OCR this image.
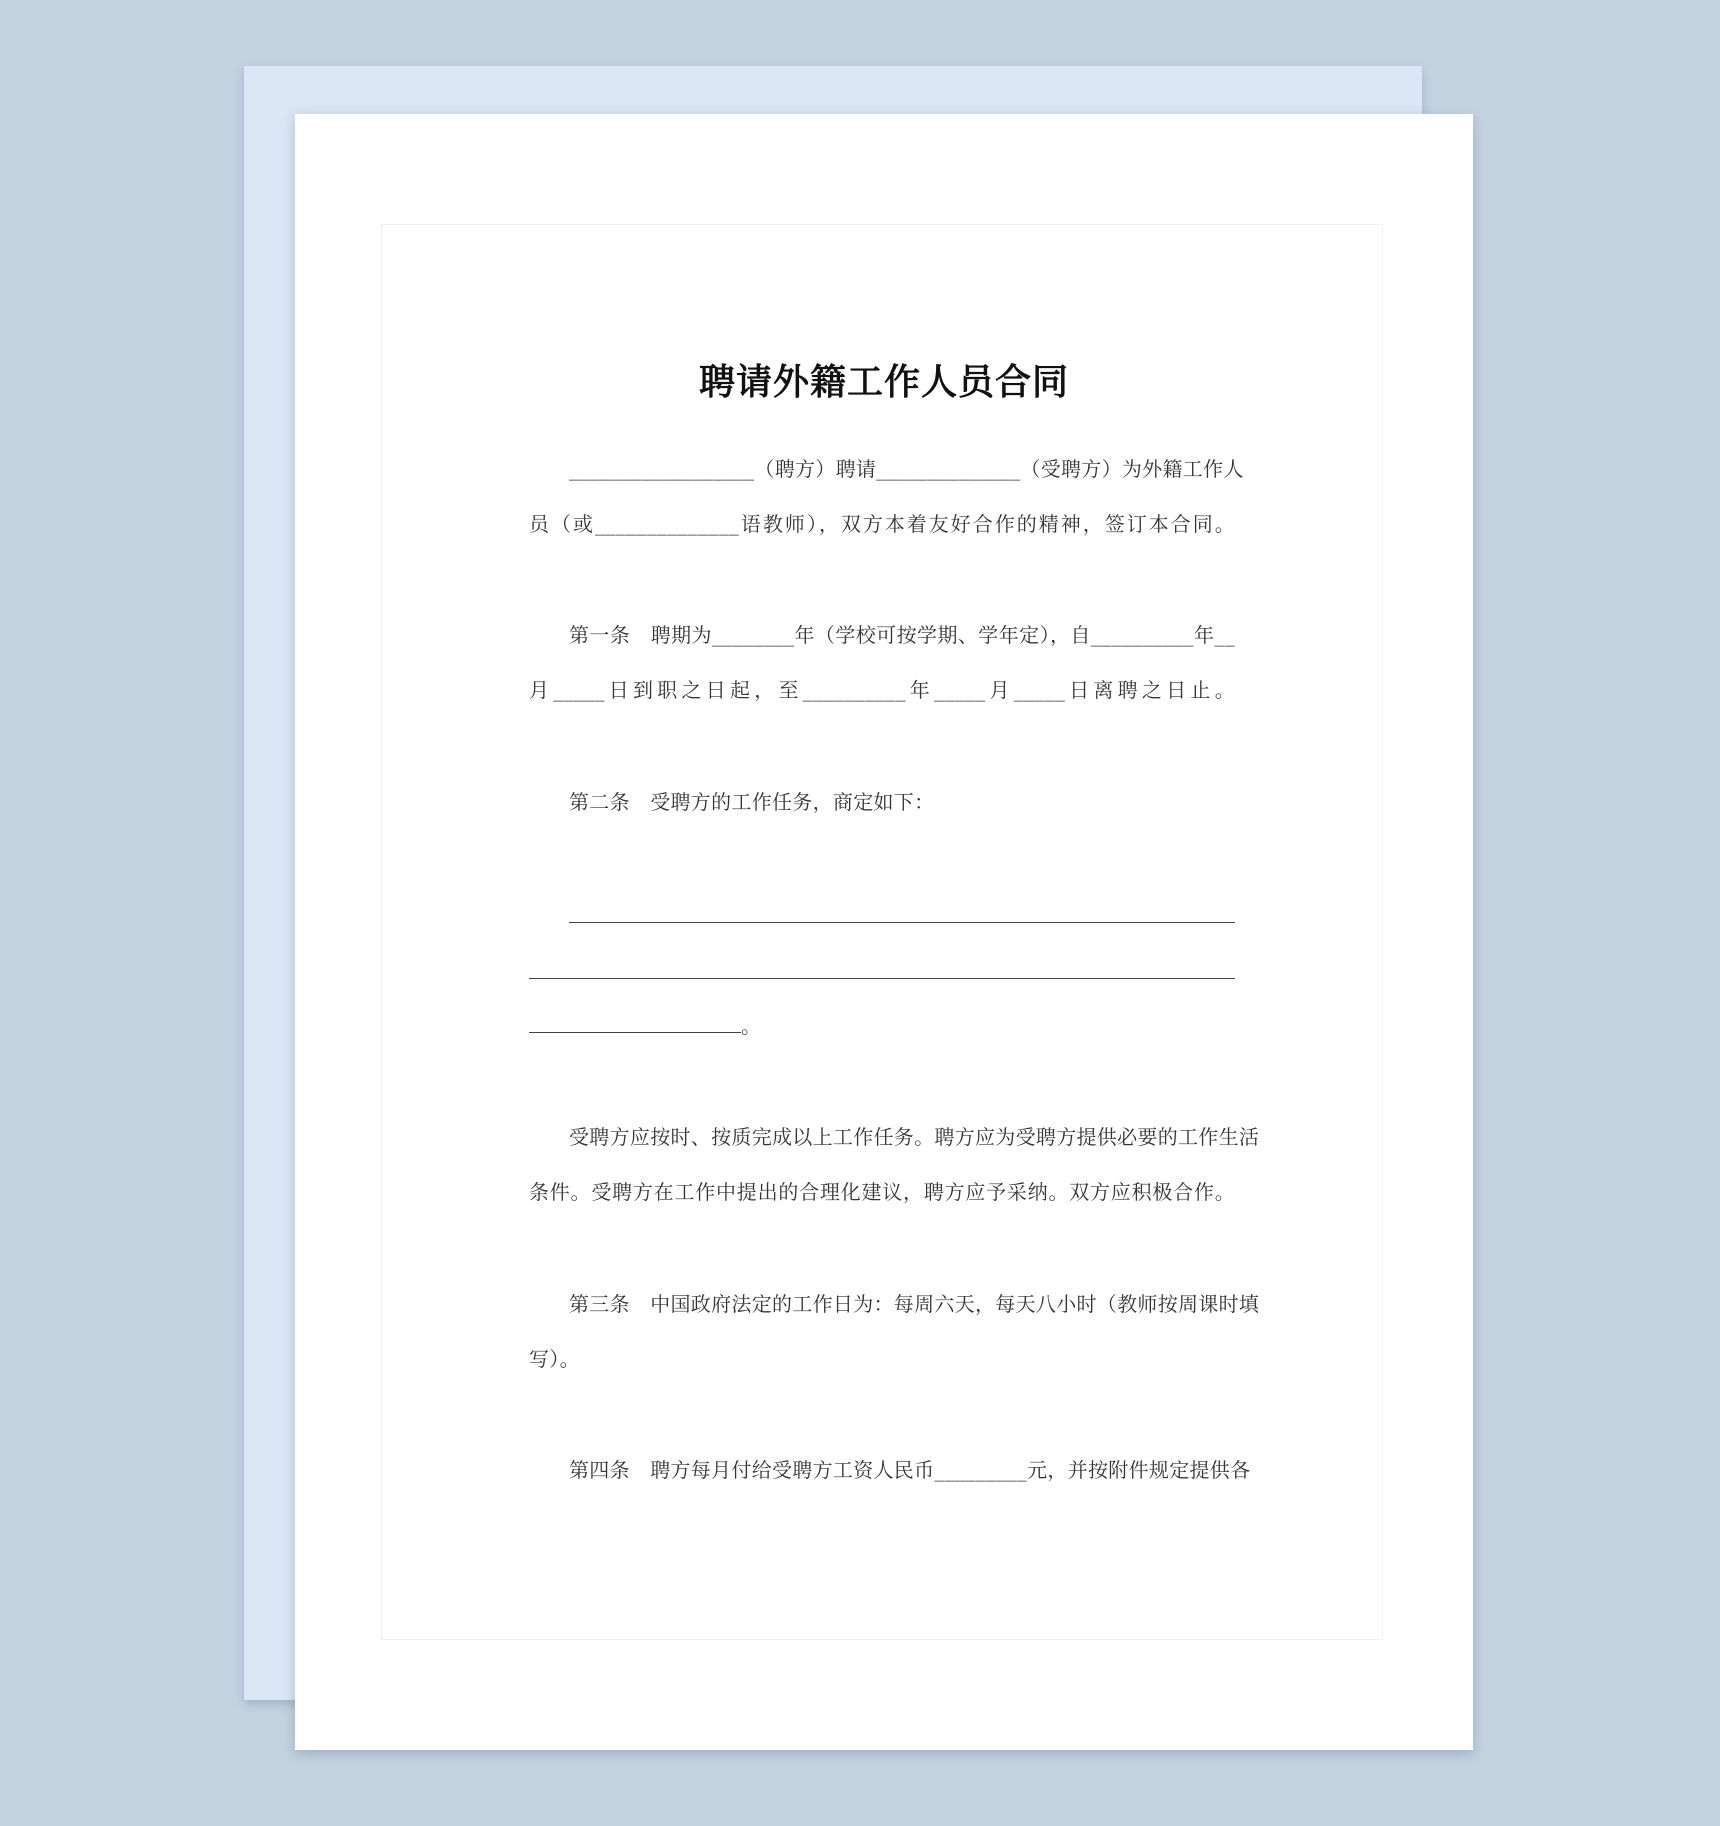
聘请外籍工作人员合同
__________________（聘方）聘请______________（受聘方）为外籍工作人
员（或______________语教师），双方本着友好合作的精神，签订本合同。
第一条　聘期为________年（学校可按学期、学年定），自__________年__
月_____日到职之日起，至__________年_____月_____日离聘之日止。
第二条　受聘方的工作任务，商定如下：
。
受聘方应按时、按质完成以上工作任务。聘方应为受聘方提供必要的工作生活
条件。受聘方在工作中提出的合理化建议，聘方应予采纳。双方应积极合作。
第三条　中国政府法定的工作日为：每周六天，每天八小时（教师按周课时填
写）。
第四条　聘方每月付给受聘方工资人民币_________元，并按附件规定提供各
